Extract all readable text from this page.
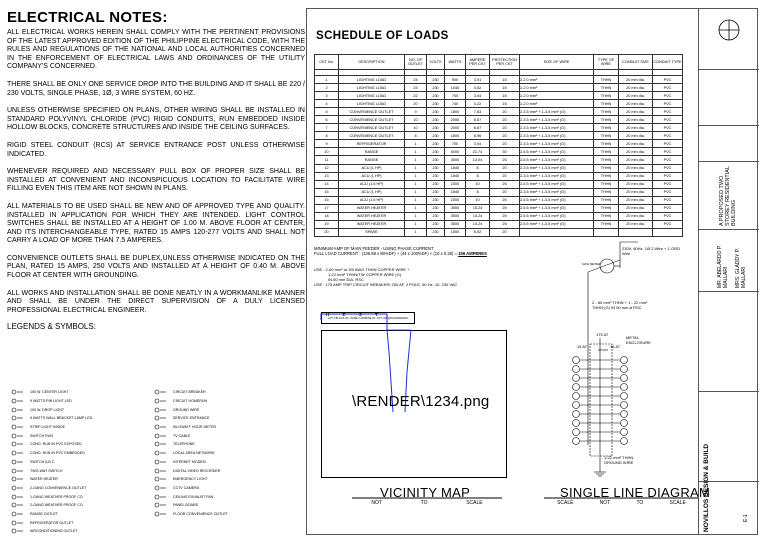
ELECTRICAL NOTES:
ALL ELECTRICAL WORKS HEREIN SHALL COMPLY WITH THE PERTINENT PROVISIONS OF THE LATEST APPROVED EDITION OF THE PHILIPPINE ELECTRICAL CODE, WITH THE RULES AND REGULATIONS OF THE NATIONAL AND LOCAL AUTHORITIES CONCERNED IN THE ENFORCEMENT OF ELECTRICAL LAWS AND ORDINANCES OF THE UTILITY COMPANY'S CONCERNED.
THERE SHALL BE ONLY ONE SERVICE DROP INTO THE BUILDING AND IT SHALL BE 220 / 230 VOLTS, SINGLE PHASE, 1Ø, 3 WIRE SYSTEM, 60 HZ.
UNLESS OTHERWISE SPECIFIED ON PLANS, OTHER WIRING SHALL BE INSTALLED IN STANDARD POLYVINYL CHLORIDE (PVC) RIGID CONDUITS, RUN EMBEDDED INSIDE HOLLOW BLOCKS, CONCRETE STRUCTURES AND INSIDE THE CEILING SURFACES.
RIGID STEEL CONDUIT (RCS) AT SERVICE ENTRANCE POST UNLESS OTHERWISE INDICATED.
WHENEVER REQUIRED AND NECESSARY PULL BOX OF PROPER SIZE SHALL BE INSTALLED AT CONVENIENT AND INCONSPICUOUS LOCATION TO FACILITATE WIRE FILLING EVEN THIS ITEM ARE NOT SHOWN IN PLANS.
ALL MATERIALS TO BE USED SHALL BE NEW AND OF APPROVED TYPE AND QUALITY. INSTALLED IN APPLICATION FOR WHICH THEY ARE INTENDED. LIGHT CONTROL SWITCHES SHALL BE INSTALLED AT A HEIGHT OF 1.00 M. ABOVE FLOOR AT CENTER, AND ITS INTERCHANGEABLE TYPE, RATED 15 AMPS 120-277 VOLTS AND SHALL NOT CARRY A LOAD OF MORE THAN 7.5 AMPERES.
CONVENIENCE OUTLETS SHALL BE DUPLEX,UNLESS OTHERWISE INDICATED ON THE PLAN, RATED 15 AMPS, 250 VOLTS AND INSTALLED AT A HEIGHT OF 0.40 M. ABOVE FLOOR AT CENTER WITH GROUNDING.
ALL WORKS AND INSTALLATION SHALL BE DONE NEATLY IN A WORKMANLIKE MANNER AND SHALL BE UNDER THE DIRECT SUPERVISION OF A DULY LICENSED PROFESSIONAL ELECTRICAL ENGINEER.
LEGENDS & SYMBOLS:
100 W. CENTER LIGHT
9 WATTS PIN LIGHT LED
100 W. DROP LIGHT
9 WATTS WALL BRACKET LAMP LED
STRIP LIGHT INSIDE
SWITCH RUN
COND. RUN IN PVC EXPOSED
COND. RUN IN PVC EMBEDDED
SWITCH A,B,C
TWO-WAY SWITCH
WATER HEATER
2-GANG CONVENIENCE OUTLET
1-GANG WEATHER PROOF CO.
2-GANG WEATHER PROOF CO.
RANGE OUTLET
REFRIGERATOR OUTLET
AIRCONDITIONING OUTLET
CIRCUIT BREAKER
CIRCUIT HOMERUN
GROUND WIRE
SERVICE ENTRANCE
KILOWATT HOUR METER
TV CABLE
TELEPHONE
LOCAL AREA NETWORK
INTERNET MODEM
DIGITAL VIDEO RECORDER
EMERGENCY LIGHT
CCTV CAMERA
CEILING EXHAUST FAN
PANEL BOARD
FLOOR CONVENIENCE OUTLET
SCHEDULE OF LOADS
CKT No.	DESCRIPTION	NO. OF OUTLET	VOLTS	WATTS	AMPERE PER CKT	PROTECTION PER CKT	SIZE OF WIRE	TYPE OF WIRE	CONDUIT SIZE	CONDUIT TYPE

1	LIGHTING LOAD	24	230	900	3.91	15	2-2.0 mm²	THHN	20 mm dia.	PVC
2	LIGHTING LOAD	23	230	1040	4.52	15	2-2.0 mm²	THHN	20 mm dia.	PVC
3	LIGHTING LOAD	22	230	700	3.04	15	2-2.0 mm²	THHN	20 mm dia.	PVC
4	LIGHTING LOAD	20	230	740	3.22	15	2-2.0 mm²	THHN	20 mm dia.	PVC
5	CONVENIENCE OUTLET	9	230	1800	7.83	20	2-3.5 mm² + 1-3.5 mm² (G)	THHN	20 mm dia.	PVC
6	CONVENIENCE OUTLET	10	230	2050	8.67	20	2-3.5 mm² + 1-3.5 mm² (G)	THHN	20 mm dia.	PVC
7	CONVENIENCE OUTLET	10	230	2000	8.67	20	2-3.5 mm² + 1-3.5 mm² (G)	THHN	20 mm dia.	PVC
8	CONVENIENCE OUTLET	8	230	1600	6.96	20	2-3.5 mm² + 1-3.5 mm² (G)	THHN	20 mm dia.	PVC
9	REFRIGERATOR	1	230	700	3.04	20	2-3.5 mm² + 1-3.5 mm² (G)	THHN	20 mm dia.	PVC
10	RANGE	1	230	5000	21.74	30	2-5.5 mm² + 1-3.5 mm² (G)	THHN	20 mm dia.	PVC
11	RANGE	1	230	3000	13.04	25	2-5.5 mm² + 1-3.5 mm² (G)	THHN	20 mm dia.	PVC
12	ACU (1 HP)	1	230	1840	8	20	2-3.5 mm² + 1-3.5 mm² (G)	THHN	20 mm dia.	PVC
13	ACU (1 HP)	1	230	1840	8	20	2-3.5 mm² + 1-3.5 mm² (G)	THHN	20 mm dia.	PVC
14	ACU (1.5 HP)	1	230	2300	10	25	2-5.5 mm² + 1-3.5 mm² (G)	THHN	20 mm dia.	PVC
15	ACU (1 HP)	1	230	1840	8	20	2-3.5 mm² + 1-3.5 mm² (G)	THHN	20 mm dia.	PVC
16	ACU (1.5 HP)	1	230	2300	10	25	2-5.5 mm² + 1-3.5 mm² (G)	THHN	20 mm dia.	PVC
17	WATER HEATER	1	230	3500	15.24	25	2-5.5 mm² + 1-3.5 mm² (G)	THHN	20 mm dia.	PVC
18	WATER HEATER	1	230	3500	15.24	25	2-5.5 mm² + 1-3.5 mm² (G)	THHN	20 mm dia.	PVC
19	WATER HEATER	1	230	3500	15.24	25	2-5.5 mm² + 1-3.5 mm² (G)	THHN	20 mm dia.	PVC
20	SPARE	1	230	1500	6.52	20				
MINIMUM AMP OF MAIN FEEDER - USING PHASE CURRENT
FULL LOAD CURRENT : (136.88 x 80%DF) + (44 x 100%DF) + (10 x 0.25) = 156 AMPERES
USE : 2-60 mm² or 3/0 AWG THHN COPPER WIRE +
1-22 mm² THHN/TW COPPER WIRE (G)
IN 50 mm DIA. RSC
USE : 175 AMP TRIP CIRCUIT BREAKER/ 200 AF, 2 POLE, 60 Hz, 10, 230 VAC
H E S T
LOT 1 BLOCK 2/3, ZONE 2 JASMINE ST. CITY OF SAN FERNANDO
\RENDER\1234.png
VICINITY MAP
NOT	TO	SCALE
230V, 60Hz, 1Ø 2-Wire + 1-GRD Wire
KWH METER
2 - 80 mm² THHN + 1 - 22 mm² THHN (G) IN 50 mm ø RSC
175 AT
METAL ENCLOSURE
15 AT	15 AT
1-22 mm² THHN GROUND WIRE
SINGLE LINE DIAGRAM
SCALE	NOT	TO	SCALE
A PROPOSED TWO STOREY RESIDENTIAL BUILDING
MR. ABELARDO P. MALLARI MRS. GLADDY P. MALLARI
NOVILLOS DESIGN & BUILD	E-1
